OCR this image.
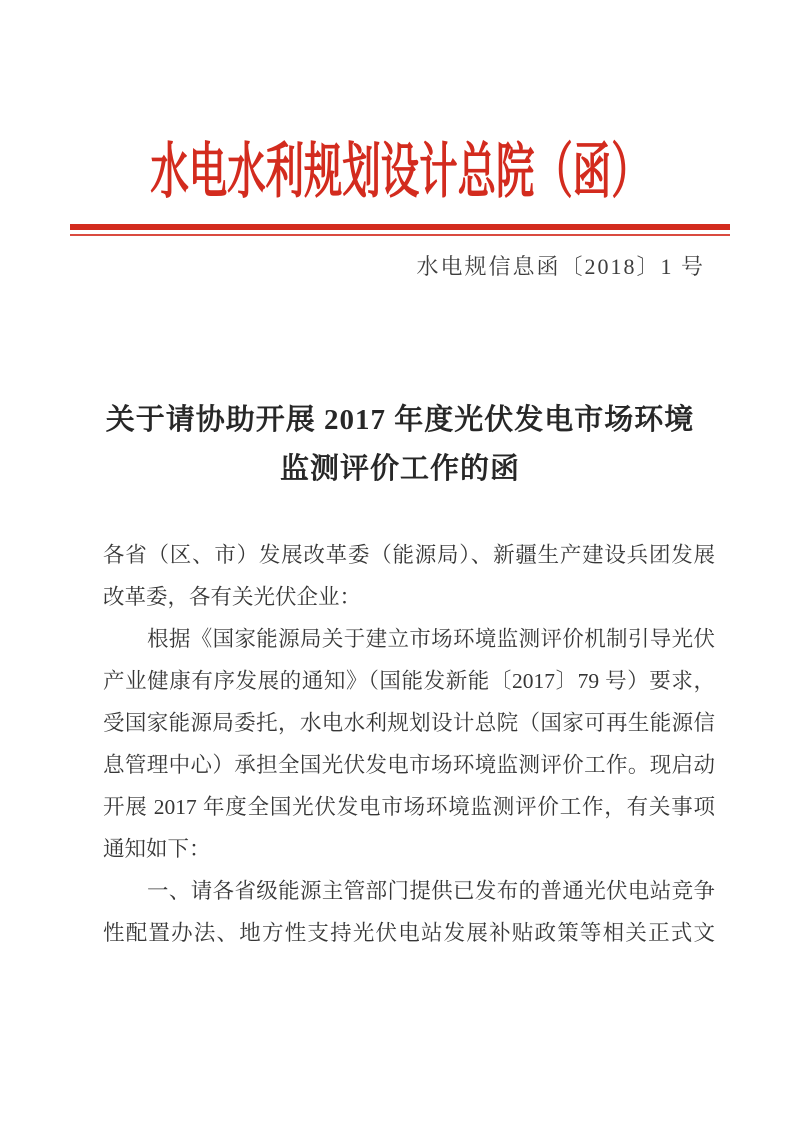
水电水利规划设计总院（函）
水电规信息函〔2018〕1 号
关于请协助开展 2017 年度光伏发电市场环境
监测评价工作的函
各省（区、市）发展改革委（能源局）、新疆生产建设兵团发展
改革委，各有关光伏企业：
根据《国家能源局关于建立市场环境监测评价机制引导光伏
产业健康有序发展的通知》（国能发新能〔2017〕79 号）要求，
受国家能源局委托，水电水利规划设计总院（国家可再生能源信
息管理中心）承担全国光伏发电市场环境监测评价工作。现启动
开展 2017 年度全国光伏发电市场环境监测评价工作，有关事项
通知如下：
一、请各省级能源主管部门提供已发布的普通光伏电站竞争
性配置办法、地方性支持光伏电站发展补贴政策等相关正式文
